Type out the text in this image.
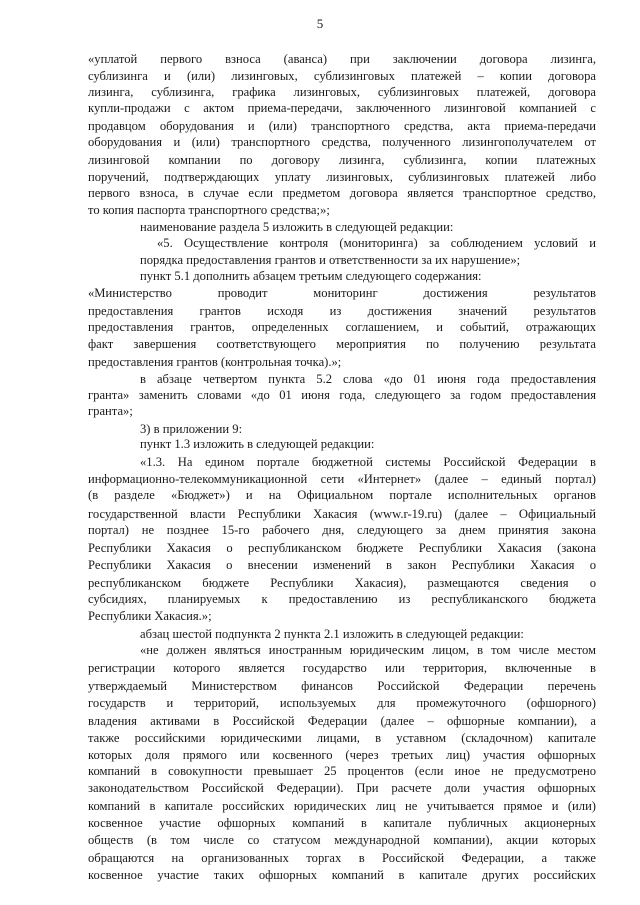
5
«уплатой первого взноса (аванса) при заключении договора лизинга,
сублизинга и (или) лизинговых, сублизинговых платежей – копии договора
лизинга, сублизинга, графика лизинговых, сублизинговых платежей, договора
купли-продажи с актом приема-передачи, заключенного лизинговой компанией с
продавцом оборудования и (или) транспортного средства, акта приема-передачи
оборудования и (или) транспортного средства, полученного лизингополучателем от
лизинговой компании по договору лизинга, сублизинга, копии платежных
поручений, подтверждающих уплату лизинговых, сублизинговых платежей либо
первого взноса, в случае если предметом договора является транспортное средство,
то копия паспорта транспортного средства;»;
наименование раздела 5 изложить в следующей редакции:
«5. Осуществление контроля (мониторинга) за соблюдением условий и
порядка предоставления грантов и ответственности за их нарушение»;
пункт 5.1 дополнить абзацем третьим следующего содержания:
«Министерство проводит мониторинг достижения результатов
предоставления грантов исходя из достижения значений результатов
предоставления грантов, определенных соглашением, и событий, отражающих
факт завершения соответствующего мероприятия по получению результата
предоставления грантов (контрольная точка).»;
в абзаце четвертом пункта 5.2 слова «до 01 июня года предоставления
гранта» заменить словами «до 01 июня года, следующего за годом предоставления
гранта»;
3) в приложении 9:
пункт 1.3 изложить в следующей редакции:
«1.3. На едином портале бюджетной системы Российской Федерации в
информационно-телекоммуникационной сети «Интернет» (далее – единый портал)
(в разделе «Бюджет») и на Официальном портале исполнительных органов
государственной власти Республики Хакасия (www.r-19.ru) (далее – Официальный
портал) не позднее 15-го рабочего дня, следующего за днем принятия закона
Республики Хакасия о республиканском бюджете Республики Хакасия (закона
Республики Хакасия о внесении изменений в закон Республики Хакасия о
республиканском бюджете Республики Хакасия), размещаются сведения о
субсидиях, планируемых к предоставлению из республиканского бюджета
Республики Хакасия.»;
абзац шестой подпункта 2 пункта 2.1 изложить в следующей редакции:
«не должен являться иностранным юридическим лицом, в том числе местом
регистрации которого является государство или территория, включенные в
утверждаемый Министерством финансов Российской Федерации перечень
государств и территорий, используемых для промежуточного (офшорного)
владения активами в Российской Федерации (далее – офшорные компании), а
также российскими юридическими лицами, в уставном (складочном) капитале
которых доля прямого или косвенного (через третьих лиц) участия офшорных
компаний в совокупности превышает 25 процентов (если иное не предусмотрено
законодательством Российской Федерации). При расчете доли участия офшорных
компаний в капитале российских юридических лиц не учитывается прямое и (или)
косвенное участие офшорных компаний в капитале публичных акционерных
обществ (в том числе со статусом международной компании), акции которых
обращаются на организованных торгах в Российской Федерации, а также
косвенное участие таких офшорных компаний в капитале других российских
